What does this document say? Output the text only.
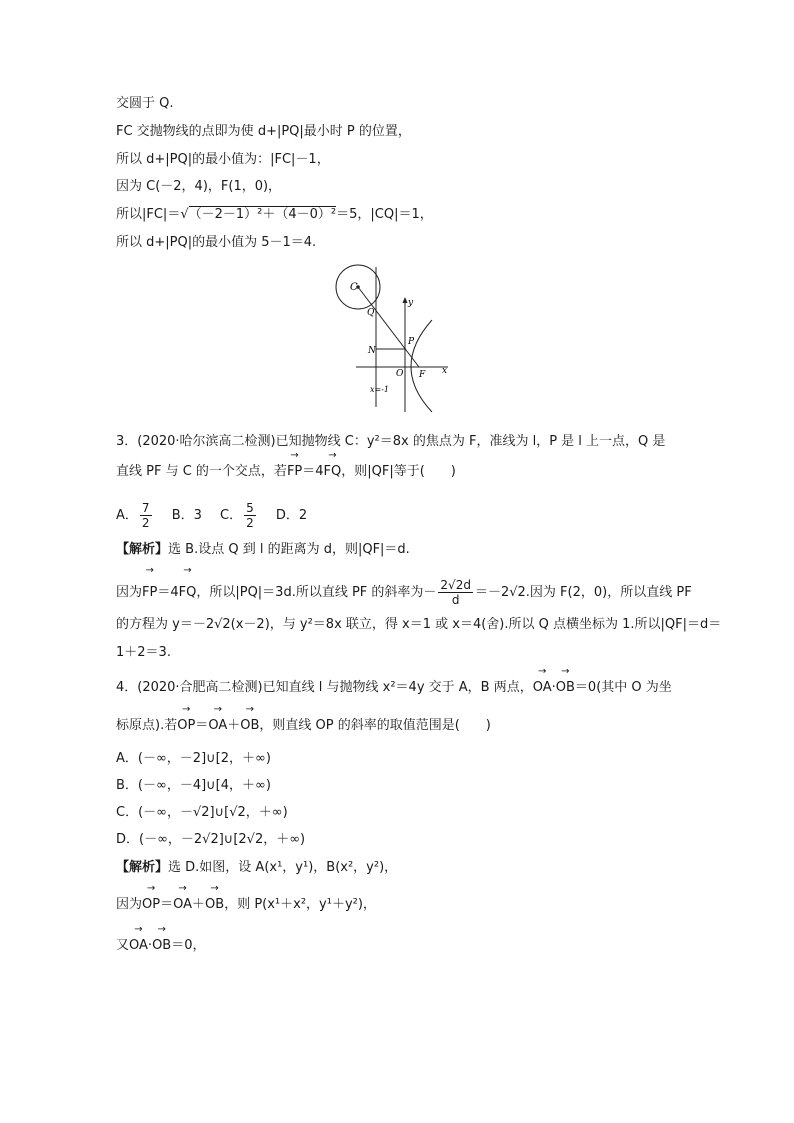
交圆于 Q.
FC 交抛物线的点即为使 d+|PQ|最小时 P 的位置，
所以 d+|PQ|的最小值为：|FC|－1，
因为 C(－2，4)，F(1，0)，
所以|FC|＝√（－2－1）²＋（4－0）²＝5，|CQ|＝1，
所以 d+|PQ|的最小值为 5－1＝4.
C
Q
y
P
N
O F x
x=-1
3．(2020·哈尔滨高二检测)已知抛物线 C：y²＝8x 的焦点为 F，准线为 l，P 是 l 上一点，Q 是
直线 PF 与 C 的一个交点，若→ FP＝4→ FQ，则|QF|等于(　　)
A． $\frac{7}{2}$ B．3 C． $\frac{5}{2}$ D．2
【解析】选 B.设点 Q 到 l 的距离为 d，则|QF|＝d.
因为→ FP＝4→ FQ，所以|PQ|＝3d.所以直线 PF 的斜率为－ $\frac{2√2d}{d} =-2√2$.因为 F(2，0)，所以直线 PF
的方程为 y＝－2√2(x－2)，与 y²＝8x 联立，得 x＝1 或 x＝4(舍).所以 Q 点横坐标为 1.所以|QF|＝d＝
1＋2＝3.
4．(2020·合肥高二检测)已知直线 l 与抛物线 x²＝4y 交于 A，B 两点，→ OA·→ OB＝0(其中 O 为坐
标原点).若→ OP＝→ OA＋→ OB，则直线 OP 的斜率的取值范围是(　　)
A．(－∞，－2]∪[2，＋∞)
B．(－∞，－4]∪[4，＋∞)
C．(－∞，－√2]∪[√2，＋∞)
D．(－∞，－2√2]∪[2√2，＋∞)
【解析】选 D.如图，设 A(x¹，y¹)，B(x²，y²)，
因为→ OP＝→ OA＋→ OB，则 P(x¹＋x²，y¹＋y²)，
又→ OA·→ OB＝0，
